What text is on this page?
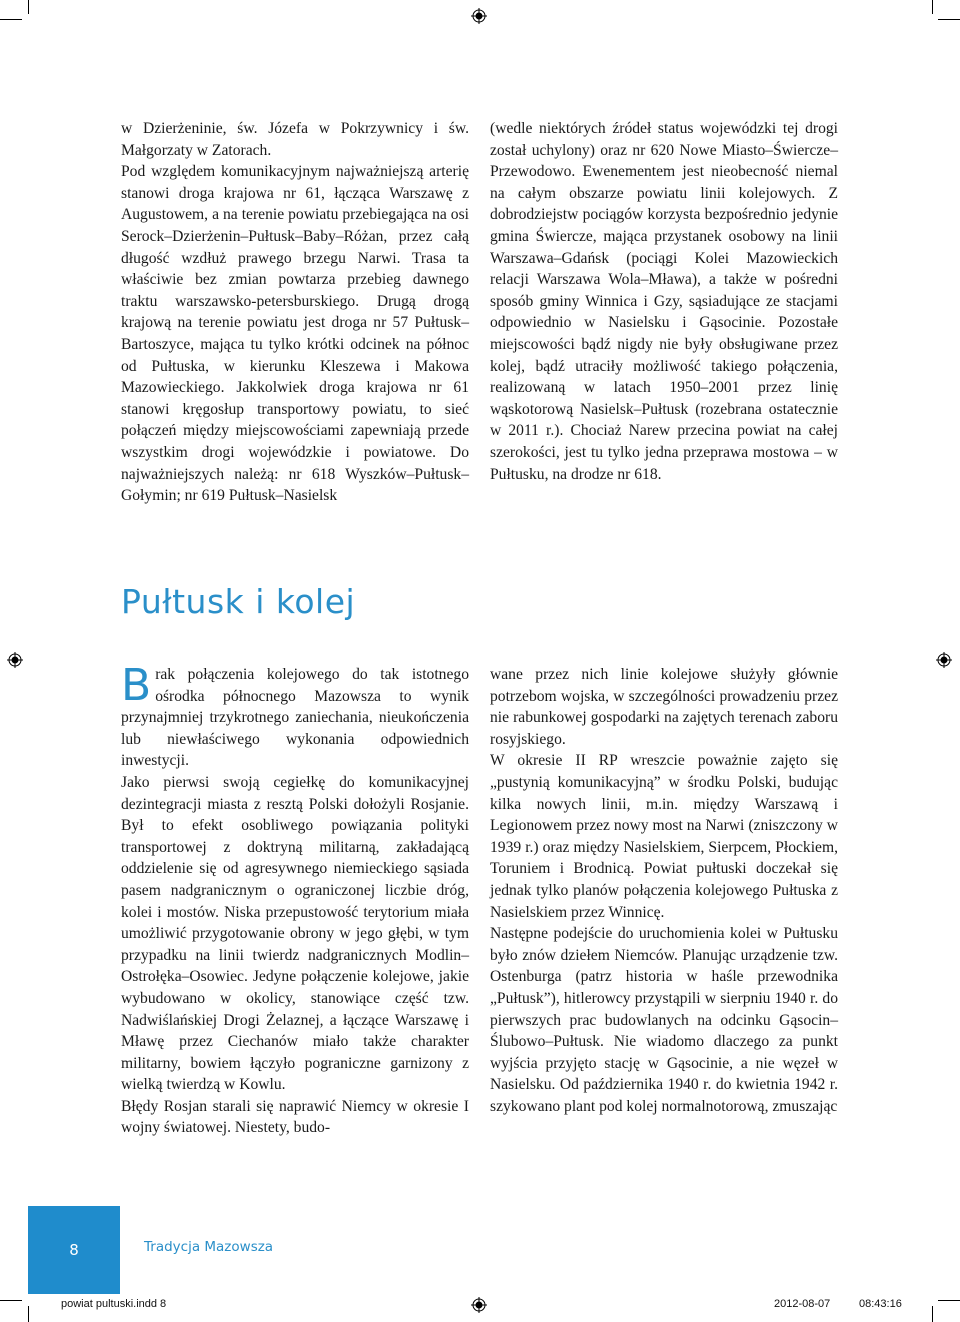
w Dzierżeninie, św. Józefa w Pokrzywnicy i św. Małgorzaty w Zatorach.

Pod względem komunikacyjnym najważniejszą arterię stanowi droga krajowa nr 61, łącząca Warszawę z Augustowem, a na terenie powiatu przebiegająca na osi Serock–Dzierżenin–Pułtusk–Baby–Różan, przez całą długość wzdłuż prawego brzegu Narwi. Trasa ta właściwie bez zmian powtarza przebieg dawnego traktu warszawsko-petersburskiego. Drugą drogą krajową na terenie powiatu jest droga nr 57 Pułtusk–Bartoszyce, mająca tu tylko krótki odcinek na północ od Pułtuska, w kierunku Kleszewa i Makowa Mazowieckiego. Jakkolwiek droga krajowa nr 61 stanowi kręgosłup transportowy powiatu, to sieć połączeń między miejscowościami zapewniają przede wszystkim drogi wojewódzkie i powiatowe. Do najważniejszych należą: nr 618 Wyszków–Pułtusk–Gołymin; nr 619 Pułtusk–Nasielsk

(wedle niektórych źródeł status wojewódzki tej drogi został uchylony) oraz nr 620 Nowe Miasto–Świercze–Przewodowo. Ewenementem jest nieobecność niemal na całym obszarze powiatu linii kolejowych. Z dobrodziejstw pociągów korzysta bezpośrednio jedynie gmina Świercze, mająca przystanek osobowy na linii Warszawa–Gdańsk (pociągi Kolei Mazowieckich relacji Warszawa Wola–Mława), a także w pośredni sposób gminy Winnica i Gzy, sąsiadujące ze stacjami odpowiednio w Nasielsku i Gąsocinie. Pozostałe miejscowości bądź nigdy nie były obsługiwane przez kolej, bądź utraciły możliwość takiego połączenia, realizowaną w latach 1950–2001 przez linię wąskotorową Nasielsk–Pułtusk (rozebrana ostatecznie w 2011 r.). Chociaż Narew przecina powiat na całej szerokości, jest tu tylko jedna przeprawa mostowa – w Pułtusku, na drodze nr 618.

Pułtusk i kolej

Brak połączenia kolejowego do tak istotnego ośrodka północnego Mazowsza to wynik przynajmniej trzykrotnego zaniechania, nieukończenia lub niewłaściwego wykonania odpowiednich inwestycji.

Jako pierwsi swoją cegiełkę do komunikacyjnej dezintegracji miasta z resztą Polski dołożyli Rosjanie. Był to efekt osobliwego powiązania polityki transportowej z doktryną militarną, zakładającą oddzielenie się od agresywnego niemieckiego sąsiada pasem nadgranicznym o ograniczonej liczbie dróg, kolei i mostów. Niska przepustowość terytorium miała umożliwić przygotowanie obrony w jego głębi, w tym przypadku na linii twierdz nadgranicznych Modlin–Ostrołęka–Osowiec. Jedyne połączenie kolejowe, jakie wybudowano w okolicy, stanowiące część tzw. Nadwiślańskiej Drogi Żelaznej, a łączące Warszawę i Mławę przez Ciechanów miało także charakter militarny, bowiem łączyło pograniczne garnizony z wielką twierdzą w Kowlu.

Błędy Rosjan starali się naprawić Niemcy w okresie I wojny światowej. Niestety, budo-

wane przez nich linie kolejowe służyły głównie potrzebom wojska, w szczególności prowadzeniu przez nie rabunkowej gospodarki na zajętych terenach zaboru rosyjskiego.

W okresie II RP wreszcie poważnie zajęto się „pustynią komunikacyjną” w środku Polski, budując kilka nowych linii, m.in. między Warszawą i Legionowem przez nowy most na Narwi (zniszczony w 1939 r.) oraz między Nasielskiem, Sierpcem, Płockiem, Toruniem i Brodnicą. Powiat pułtuski doczekał się jednak tylko planów połączenia kolejowego Pułtuska z Nasielskiem przez Winnicę.

Następne podejście do uruchomienia kolei w Pułtusku było znów dziełem Niemców. Planując urządzenie tzw. Ostenburga (patrz historia w haśle przewodnika „Pułtusk”), hitlerowcy przystąpili w sierpniu 1940 r. do pierwszych prac budowlanych na odcinku Gąsocin–Ślubowo–Pułtusk. Nie wiadomo dlaczego za punkt wyjścia przyjęto stację w Gąsocinie, a nie węzeł w Nasielsku. Od października 1940 r. do kwietnia 1942 r. szykowano plant pod kolej normalnotorową, zmuszając

8	Tradycja Mazowsza
powiat pultuski.indd 8	2012-08-07	08:43:16
